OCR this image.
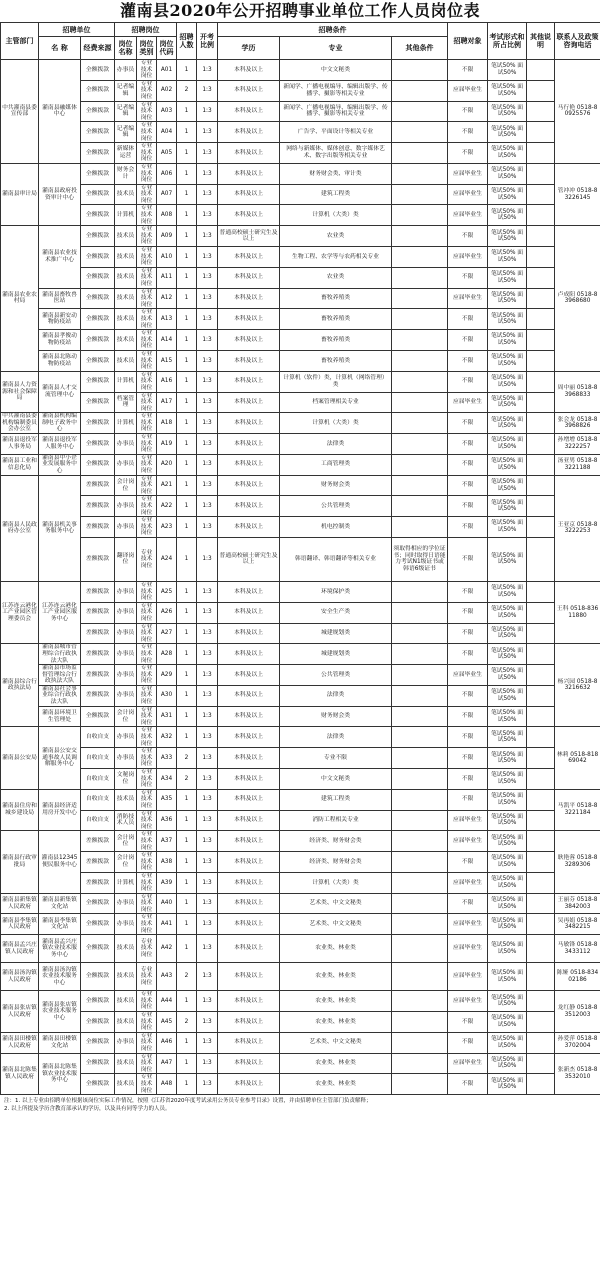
灌南县2020年公开招聘事业单位工作人员岗位表
主管部门	招聘单位		招聘岗位			招聘人数	开考比例	招聘条件			招聘对象	考试形式和所占比例	其他说明	联系人及政策咨询电话
	名 称	经费来源	岗位名称	岗位类别	岗位代码			学历	专业	其他条件				
中共灌南县委宣传部	灌南县融媒体中心	全额拨款	办事员	专业技术岗位	A01	1	1:3	本科及以上	中文文秘类		不限	笔试50% 面试50%		马行艳 0518-80925576
		全额拨款	记者编辑	专业技术岗位	A02	2	1:3	本科及以上	新闻学、广播电视编导、编辑出版学、传播学、摄影等相关专业		应届毕业生	笔试50% 面试50%		
		全额拨款	记者编辑	专业技术岗位	A03	1	1:3	本科及以上	新闻学、广播电视编导、编辑出版学、传播学、摄影等相关专业		不限	笔试50% 面试50%		
		全额拨款	记者编辑	专业技术岗位	A04	1	1:3	本科及以上	广告学、平面设计等相关专业		不限	笔试50% 面试50%		
		全额拨款	新媒体运营	专业技术岗位	A05	1	1:3	本科及以上	网络与新媒体、媒体创意、数字媒体艺术、数字出版等相关专业		不限	笔试50% 面试50%		
灌南县审计局	灌南县政府投资审计中心	全额拨款	财务会计	专业技术岗位	A06	1	1:3	本科及以上	财务财会类、审计类		应届毕业生	笔试50% 面试50%		管冲冲 0518-83226145
		全额拨款	技术员	专业技术岗位	A07	1	1:3	本科及以上	建筑工程类		应届毕业生	笔试50% 面试50%		
		全额拨款	计算机	专业技术岗位	A08	1	1:3	本科及以上	计算机（大类）类		应届毕业生	笔试50% 面试50%		
灌南县农业农村局	灌南县农业技术推广中心	全额拨款	技术员	专业技术岗位	A09	1	1:3	普通高校硕士研究生及以上	农业类		不限	笔试50% 面试50%		卢成阳 0518-83968680
		全额拨款	技术员	专业技术岗位	A10	1	1:3	本科及以上	生物工程、农学等与农药相关专业		应届毕业生	笔试50% 面试50%		
		全额拨款	技术员	专业技术岗位	A11	1	1:3	本科及以上	农业类		不限	笔试50% 面试50%		
	灌南县畜牧兽医站	全额拨款	技术员	专业技术岗位	A12	1	1:3	本科及以上	畜牧养殖类		应届毕业生	笔试50% 面试50%		
	灌南县新安动物防疫站	全额拨款	技术员	专业技术岗位	A13	1	1:3	本科及以上	畜牧养殖类		不限	笔试50% 面试50%		
	灌南县孝俊动物防疫站	全额拨款	技术员	专业技术岗位	A14	1	1:3	本科及以上	畜牧养殖类		不限	笔试50% 面试50%		
	灌南县北陈动物防疫站	全额拨款	技术员	专业技术岗位	A15	1	1:3	本科及以上	畜牧养殖类		不限	笔试50% 面试50%		
灌南县人力资源和社会保障局	灌南县人才交流管理中心	全额拨款	计算机	专业技术岗位	A16	1	1:3	本科及以上	计算机（软件）类，计算机（网络管理）类		不限	笔试50% 面试50%		周中丽 0518-83968833
		全额拨款	档案管理	专业技术岗位	A17	1	1:3	本科及以上	档案管理相关专业		应届毕业生	笔试50% 面试50%		
中共灌南县委机构编制委员会办公室	灌南县机构编制电子政务中心	全额拨款	计算机	专业技术岗位	A18	1	1:3	本科及以上	计算机（大类）类		不限	笔试50% 面试50%		张会龙 0518-83968826
灌南县退役军人事务局	灌南县退役军人服务中心	全额拨款	办事员	专业技术岗位	A19	1	1:3	本科及以上	法律类		不限	笔试50% 面试50%		孙增增 0518-83222257
灌南县工业和信息化局	灌南县中小企业发展服务中心	全额拨款	办事员	专业技术岗位	A20	1	1:3	本科及以上	工商管理类		不限	笔试50% 面试50%		汤亚男 0518-83221188
灌南县人民政府办公室	灌南县机关事务服务中心	差额拨款	会计岗位	专业技术岗位	A21	1	1:3	本科及以上	财务财会类		不限	笔试50% 面试50%		王亚京 0518-83222253
		差额拨款	办事员	专业技术岗位	A22	1	1:3	本科及以上	公共管理类		不限	笔试50% 面试50%		
		差额拨款	办事员	专业技术岗位	A23	1	1:3	本科及以上	机电控制类		不限	笔试50% 面试50%		
		差额拨款	翻译岗位	专业技术岗位	A24	1	1:3	普通高校硕士研究生及以上	韩语翻译、韩语翻译等相关专业	须取得相应的学位证书；同时取得日语能力考试N1级证书或韩语6级证书	不限	笔试50% 面试50%		
江苏连云港化工产业园区管理委员会	江苏连云港化工产业园区服务中心	差额拨款	办事员	专业技术岗位	A25	1	1:3	本科及以上	环境保护类		不限	笔试50% 面试50%		王科 0518-83611880
		差额拨款	办事员	专业技术岗位	A26	1	1:3	本科及以上	安全生产类		不限	笔试50% 面试50%		
		差额拨款	办事员	专业技术岗位	A27	1	1:3	本科及以上	城建规划类		不限	笔试50% 面试50%		
灌南县综合行政执法局	灌南县城市管理综合行政执法大队	差额拨款	办事员	专业技术岗位	A28	1	1:3	本科及以上	城建规划类		不限	笔试50% 面试50%		杨兴园 0518-83216632
	灌南县市场监督管理综合行政执法大队	差额拨款	办事员	专业技术岗位	A29	1	1:3	本科及以上	公共管理类		应届毕业生	笔试50% 面试50%		
	灌南县社会事业综合行政执法大队	差额拨款	办事员	专业技术岗位	A30	1	1:3	本科及以上	法律类		不限	笔试50% 面试50%		
	灌南县环境卫生管理处	全额拨款	会计岗位	专业技术岗位	A31	1	1:3	本科及以上	财务财会类		不限	笔试50% 面试50%		
灌南县公安局	灌南县公安交通事故人民调解服务中心	自收自支	办事员	专业技术岗位	A32	1	1:3	本科及以上	法律类		不限	笔试50% 面试50%		林莉 0518-81869042
		自收自支	办事员	专业技术岗位	A33	2	1:3	本科及以上	专业不限		不限	笔试50% 面试50%		
		自收自支	文秘岗位	专业技术岗位	A34	2	1:3	本科及以上	中文文秘类		不限	笔试50% 面试50%		
灌南县住房和城乡建设局	灌南县经济适用房开发中心	自收自支	技术员	专业技术岗位	A35	1	1:3	本科及以上	建筑工程类		不限	笔试50% 面试50%		马凯平 0518-83221184
		自收自支	消防技术人员	专业技术岗位	A36	1	1:3	本科及以上	消防工程相关专业		应届毕业生	笔试50% 面试50%		
灌南县行政审批局	灌南县12345便民服务中心	差额拨款	会计岗位	专业技术岗位	A37	1	1:3	本科及以上	经济类、财务财会类		应届毕业生	笔试50% 面试50%		耿艳蓉 0518-83289306
		差额拨款	会计岗位	专业技术岗位	A38	1	1:3	本科及以上	经济类、财务财会类		不限	笔试50% 面试50%		
		差额拨款	计算机	专业技术岗位	A39	1	1:3	本科及以上	计算机（大类）类		应届毕业生	笔试50% 面试50%		
灌南县新集镇人民政府	灌南县新集镇文化站	全额拨款	办事员	专业技术岗位	A40	1	1:3	本科及以上	艺术类、中文文秘类		不限	笔试50% 面试50%		王丽芬 0518-83842003
灌南县李集镇人民政府	灌南县李集镇文化站	全额拨款	办事员	专业技术岗位	A41	1	1:3	本科及以上	艺术类、中文文秘类		应届毕业生	笔试50% 面试50%		吴再娟 0518-83482215
灌南县孟兴庄镇人民政府	灌南县孟兴庄镇农业技术服务中心	全额拨款	技术员	专业技术岗位	A42	1	1:3	本科及以上	农业类、林业类		应届毕业生	笔试50% 面试50%		马敏锋 0518-83433112
灌南县汤沟镇人民政府	灌南县汤沟镇农业技术服务中心	全额拨款	技术员	专业技术岗位	A43	2	1:3	本科及以上	农业类、林业类		应届毕业生	笔试50% 面试50%		陈娅 0518-83402186
灌南县张店镇人民政府	灌南县张店镇农业技术服务中心	全额拨款	技术员	专业技术岗位	A44	1	1:3	本科及以上	农业类、林业类		应届毕业生	笔试50% 面试50%		龙红静 0518-83512003
		全额拨款	技术员	专业技术岗位	A45	2	1:3	本科及以上	农业类、林业类		不限	笔试50% 面试50%		
灌南县田楼镇人民政府	灌南县田楼镇文化站	全额拨款	办事员	专业技术岗位	A46	1	1:3	本科及以上	艺术类、中文文秘类		不限	笔试50% 面试50%		孙爱萍 0518-83702004
灌南县北陈集镇人民政府	灌南县北陈集镇农业技术服务中心	全额拨款	技术员	专业技术岗位	A47	1	1:3	本科及以上	农业类、林业类		应届毕业生	笔试50% 面试50%		张新杰 0518-83532010
		全额拨款	技术员	专业技术岗位	A48	1	1:3	本科及以上	农业类、林业类		不限	笔试50% 面试50%		
注：1. 以上专业由招聘单位根据该岗位实际工作情况，按照《江苏省2020年度考试录用公务员专业参考目录》设置，并由招聘单位主管部门负责解释；
2. 以上所提及学历含教育部承认的学历，以及具有同等学力的人员。
